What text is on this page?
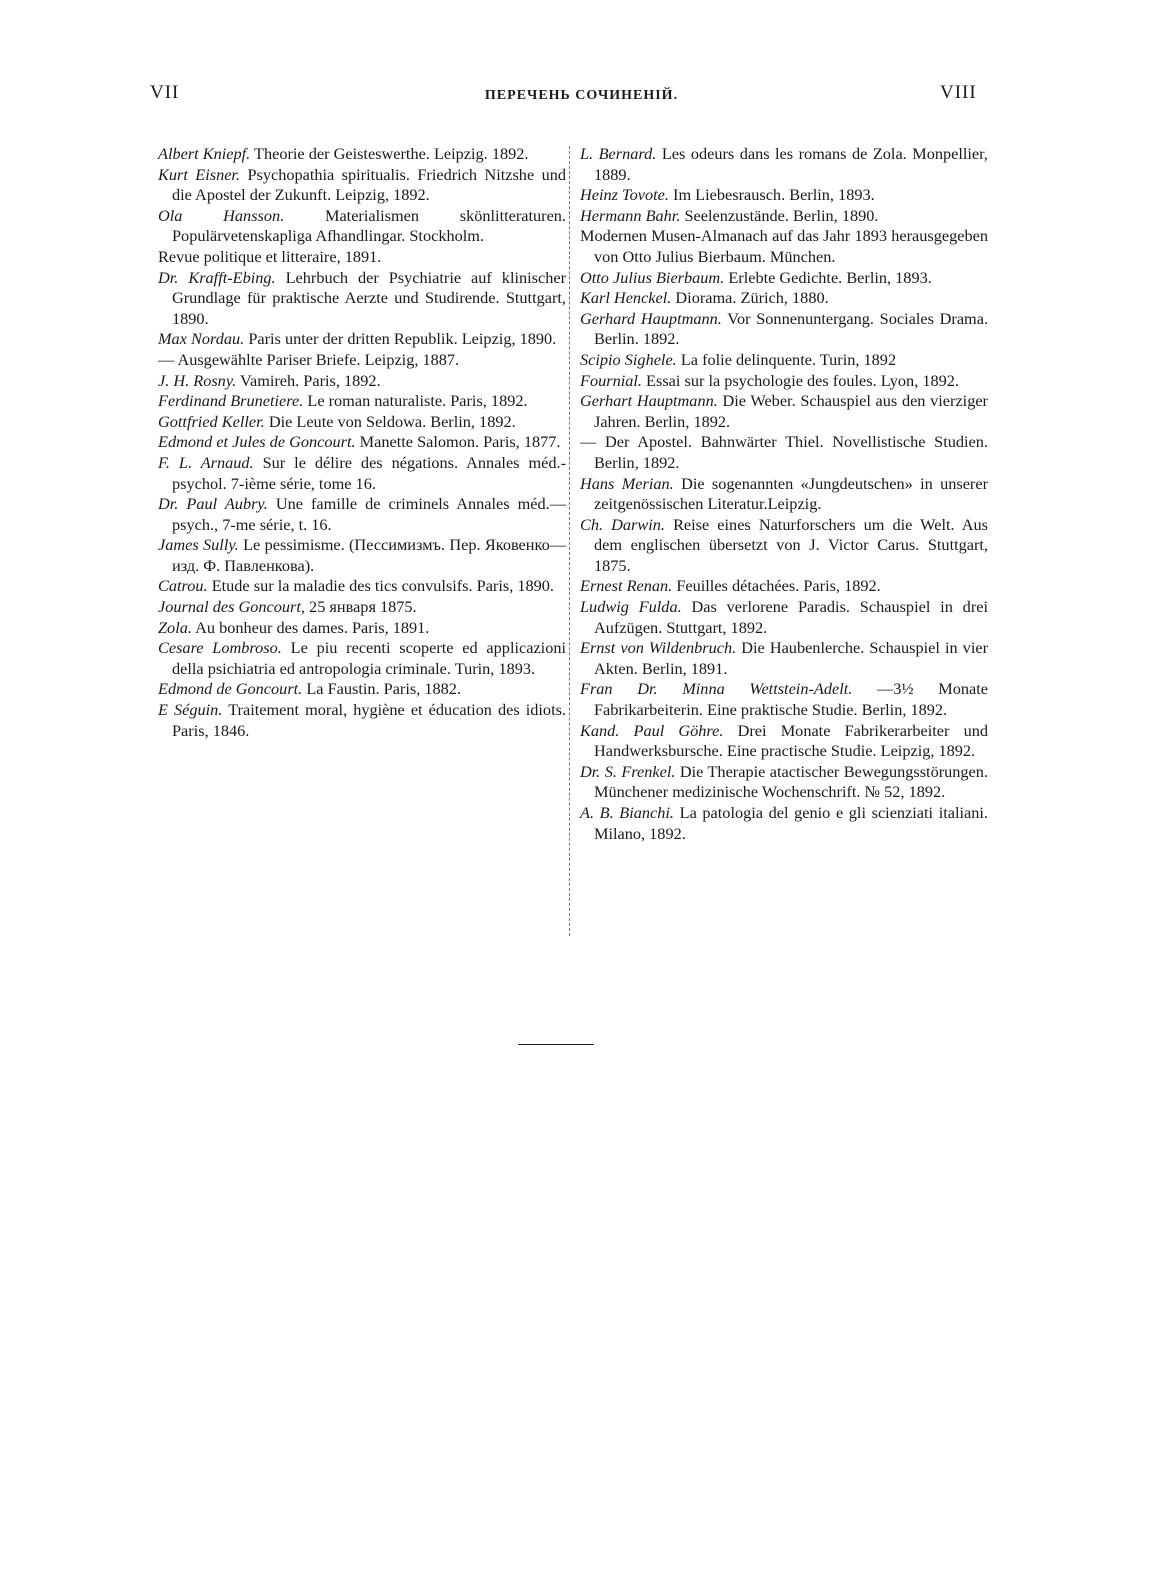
VII	ПЕРЕЧЕНЬ СОЧИНЕНІЙ.	VIII

Albert Kniepf. Theorie der Geisteswerthe. Leipzig. 1892.

Kurt Eisner. Psychopathia spiritualis. Friedrich Nitzshe und die Apostel der Zukunft. Leipzig, 1892.

Ola Hansson.	Materialismen skönlitteraturen. Populärvetenskapliga Afhandlingar. Stockholm.

Revue politique et litteraire, 1891.

Dr. Krafft-Ebing. Lehrbuch der Psychiatrie auf klinischer Grundlage für praktische Aerzte und Studirende. Stuttgart, 1890.

Max Nordau. Paris unter der dritten Republik. Leipzig, 1890.

— Ausgewählte Pariser Briefe. Leipzig, 1887.

J. H. Rosny. Vamireh. Paris, 1892.

Ferdinand Brunetiere. Le roman naturaliste. Paris, 1892.

Gottfried Keller. Die Leute von Seldowa. Berlin, 1892.

Edmond et Jules de Goncourt. Manette Salomon. Paris, 1877.

F. L. Arnaud. Sur le délire des négations. Annales méd.-psychol. 7-ième série, tome 16.

Dr. Paul Aubry. Une famille de criminels Annales méd.—psych., 7-me série, t. 16.

James Sully. Le pessimisme. (Пессимизмъ. Пер. Яковенко—изд. Ф. Павленкова).

Catrou. Etude sur la maladie des tics convulsifs. Paris, 1890.

Journal des Goncourt, 25 января 1875.

Zola. Au bonheur des dames. Paris, 1891.

Cesare Lombroso. Le piu recenti scoperte ed applicazioni della psichiatria ed antropologia criminale. Turin, 1893.

Edmond de Goncourt. La Faustin. Paris, 1882.

E Séguin. Traitement moral, hygiène et éducation des idiots. Paris, 1846.

L. Bernard. Les odeurs dans les romans de Zola. Monpellier, 1889.

Heinz Tovote. Im Liebesrausch. Berlin, 1893.

Hermann Bahr. Seelenzustände. Berlin, 1890.

Modernen Musen-Almanach auf das Jahr 1893 herausgegeben von Otto Julius Bierbaum. München.

Otto Julius Bierbaum. Erlebte Gedichte. Berlin, 1893.

Karl Henckel. Diorama. Zürich, 1880.

Gerhard Hauptmann. Vor Sonnenuntergang. Sociales Drama. Berlin. 1892.

Scipio Sighele. La folie delinquente. Turin, 1892

Fournial. Essai sur la psychologie des foules. Lyon, 1892.

Gerhart Hauptmann. Die Weber. Schauspiel aus den vierziger Jahren. Berlin, 1892.

— Der Apostel. Bahnwärter Thiel. Novellistische Studien. Berlin, 1892.

Hans Merian. Die sogenannten «Jungdeutschen» in unserer zeitgenössischen Literatur.Leipzig.

Ch. Darwin. Reise eines Naturforschers um die Welt. Aus dem englischen übersetzt von J. Victor Carus. Stuttgart, 1875.

Ernest Renan. Feuilles détachées. Paris, 1892.

Ludwig Fulda. Das verlorene Paradis. Schauspiel in drei Aufzügen. Stuttgart, 1892.

Ernst von Wildenbruch. Die Haubenlerche. Schauspiel in vier Akten. Berlin, 1891.

Fran Dr. Minna Wettstein-Adelt. —3½ Monate Fabrikarbeiterin. Eine praktische Studie. Berlin, 1892.

Kand. Paul Göhre. Drei Monate Fabrikerarbeiter und Handwerksbursche. Eine practische Studie. Leipzig, 1892.

Dr. S. Frenkel. Die Therapie atactischer Bewegungsstörungen. Münchener medizinische Wochenschrift. № 52, 1892.

A. B. Bianchi. La patologia del genio e gli scienziati italiani. Milano, 1892.
